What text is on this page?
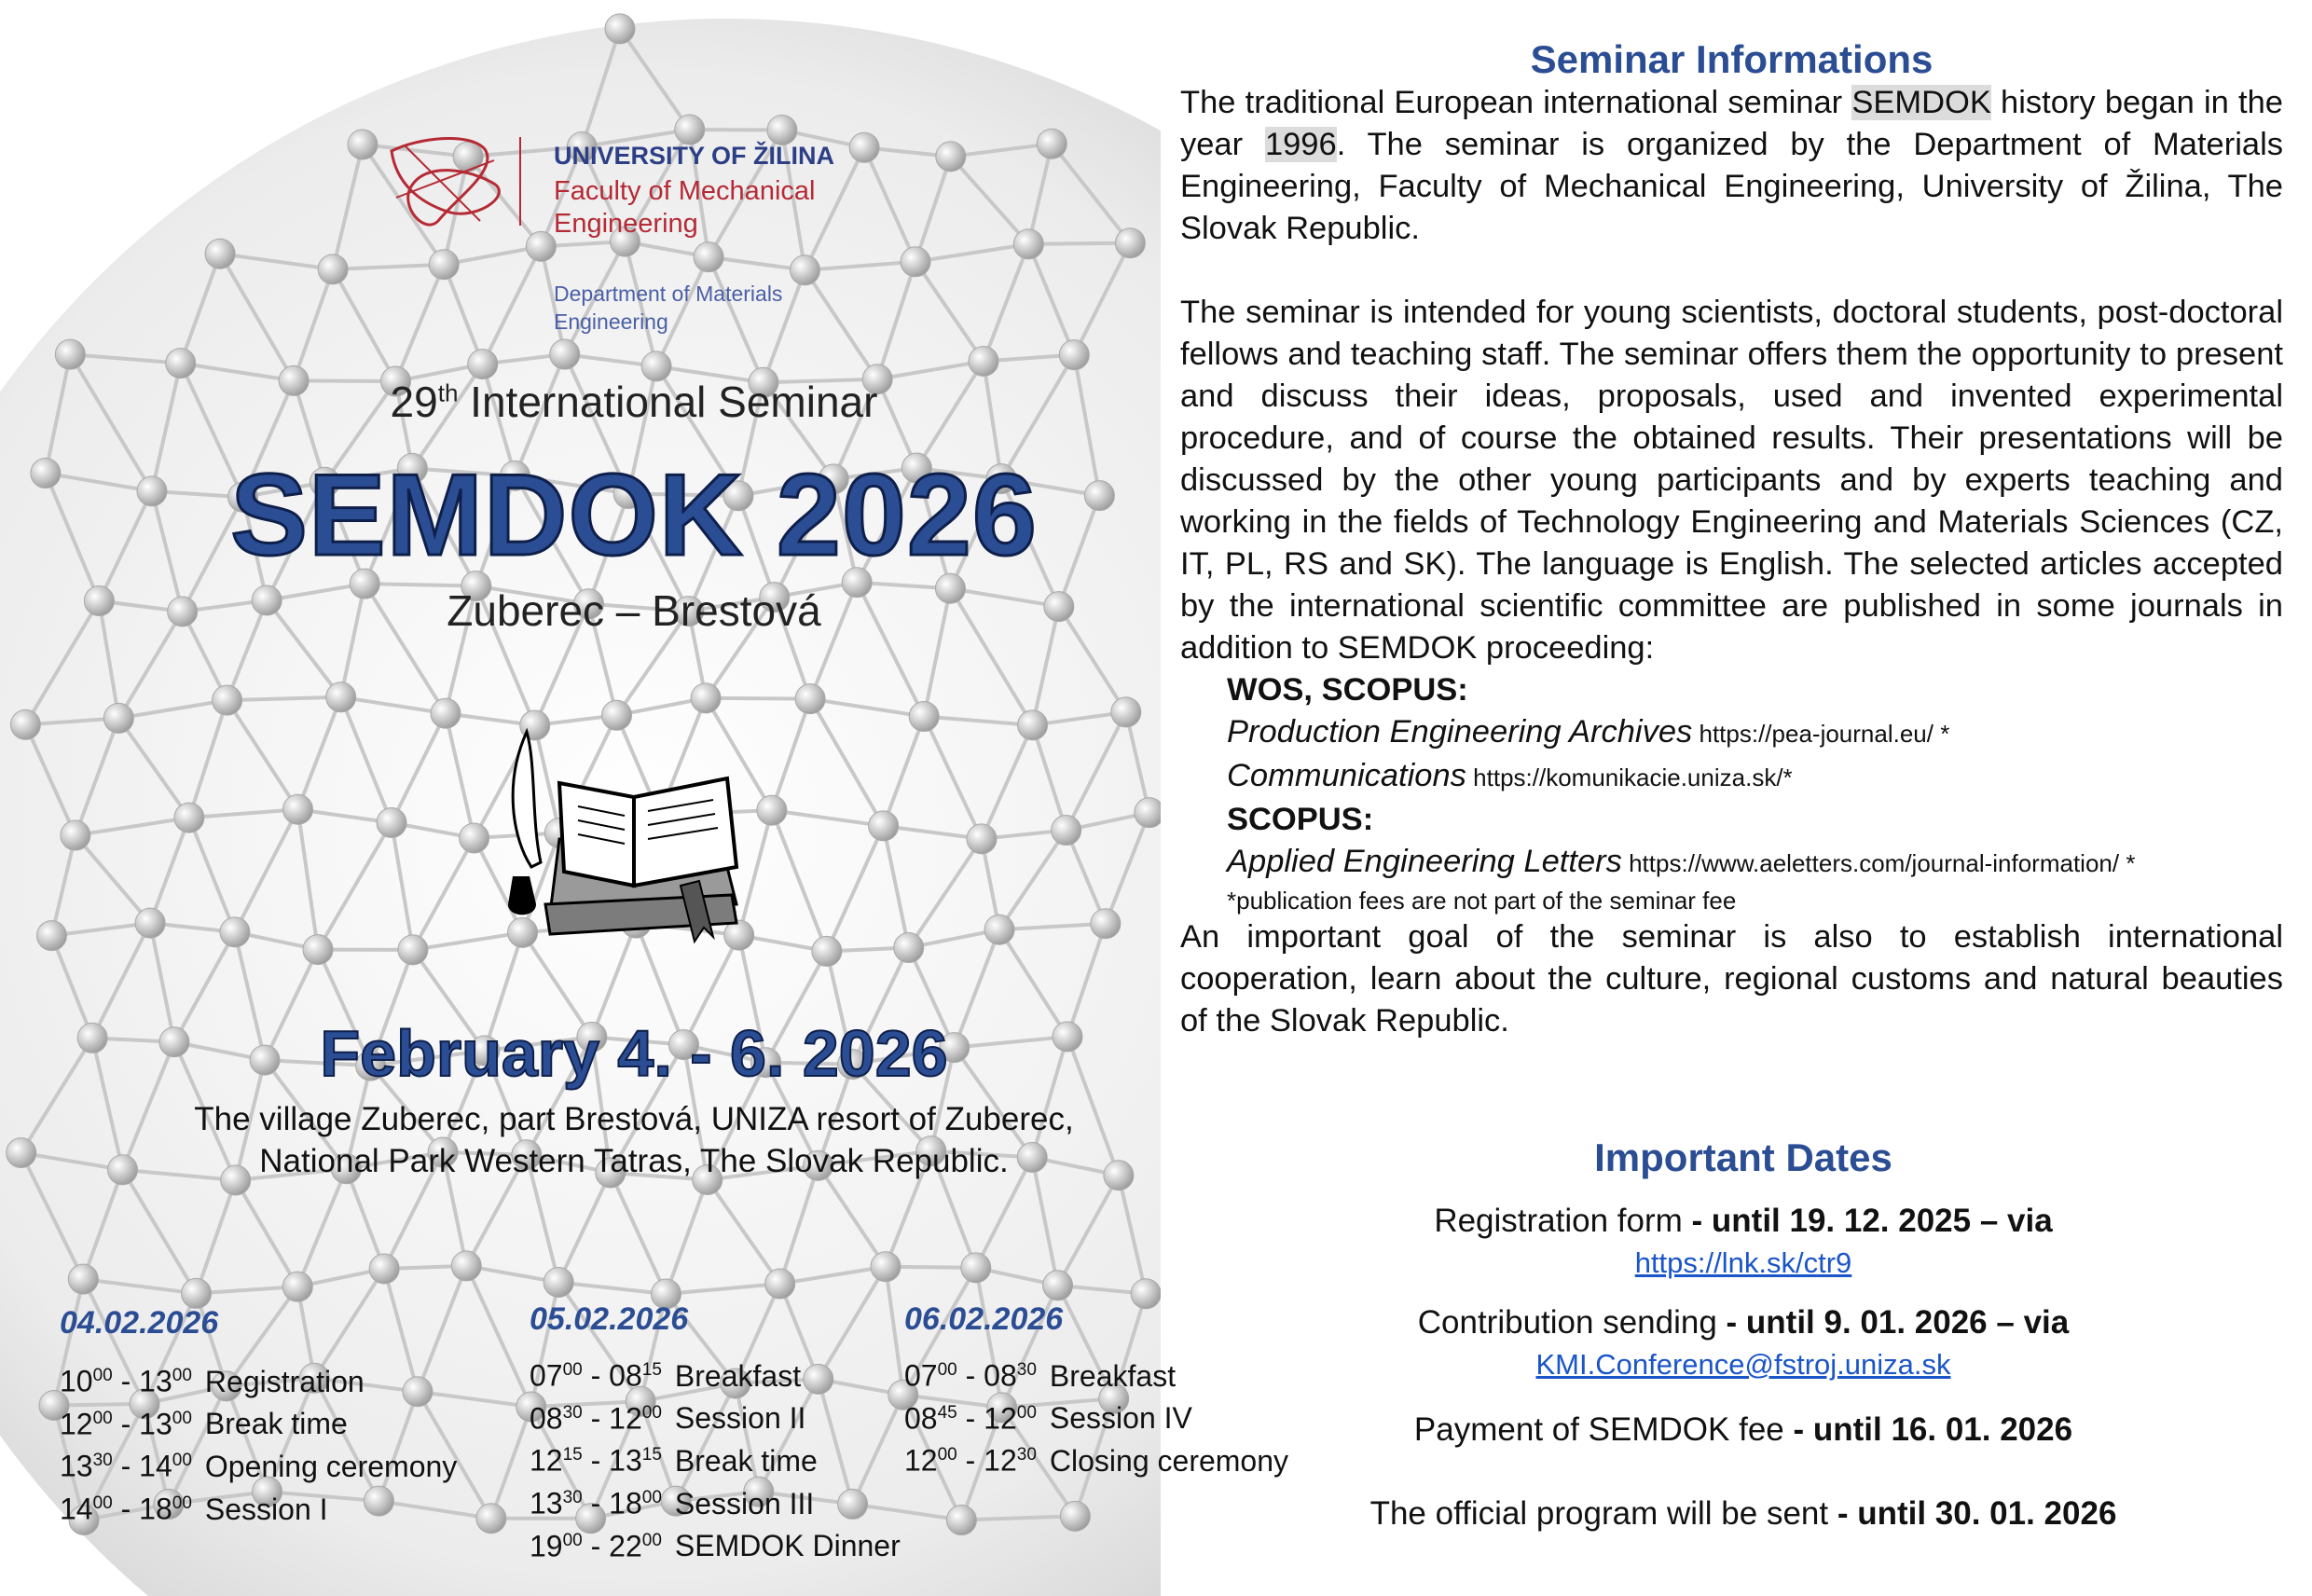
UNIVERSITY OF ŽILINA
Faculty of Mechanical
Engineering
Department of Materials
Engineering
29th International Seminar
SEMDOK 2026
Zuberec – Brestová
February 4. - 6. 2026
The village Zuberec, part Brestová, UNIZA resort of Zuberec,
National Park Western Tatras, The Slovak Republic.
04.02.2026
$10^{00} - 13^{00}$ Registration
$12^{00} - 13^{00}$ Break time
$13^{30} - 14^{00}$ Opening ceremony
$14^{00} - 18^{00}$ Session I
05.02.2026
$07^{00} - 08^{15}$ Breakfast
$08^{30} - 12^{00}$ Session II
$12^{15} - 13^{15}$ Break time
$13^{30} - 18^{00}$ Session III
$19^{00} - 22^{00}$ SEMDOK Dinner
06.02.2026
$07^{00} - 08^{30}$ Breakfast
$08^{45} - 12^{00}$ Session IV
$12^{00} - 12^{30}$ Closing ceremony
Seminar Informations

The traditional European international seminar SEMDOK history began in the year 1996. The seminar is organized by the Department of Materials Engineering, Faculty of Mechanical Engineering, University of Žilina, The Slovak Republic.

The seminar is intended for young scientists, doctoral students, post-doctoral fellows and teaching staff. The seminar offers them the opportunity to present and discuss their ideas, proposals, used and invented experimental procedure, and of course the obtained results. Their presentations will be discussed by the other young participants and by experts teaching and working in the fields of Technology Engineering and Materials Sciences (CZ, IT, PL, RS and SK). The language is English. The selected articles accepted by the international scientific committee are published in some journals in addition to SEMDOK proceeding:

WOS, SCOPUS:
Production Engineering Archives https://pea-journal.eu/ *
Communications https://komunikacie.uniza.sk/*
SCOPUS:
Applied Engineering Letters https://www.aeletters.com/journal-information/ *
*publication fees are not part of the seminar fee

An important goal of the seminar is also to establish international cooperation, learn about the culture, regional customs and natural beauties of the Slovak Republic.

Important Dates
Registration form - until 19. 12. 2025 – via
https://lnk.sk/ctr9
Contribution sending - until 9. 01. 2026 – via
KMI.Conference@fstroj.uniza.sk
Payment of SEMDOK fee - until 16. 01. 2026
The official program will be sent - until 30. 01. 2026
